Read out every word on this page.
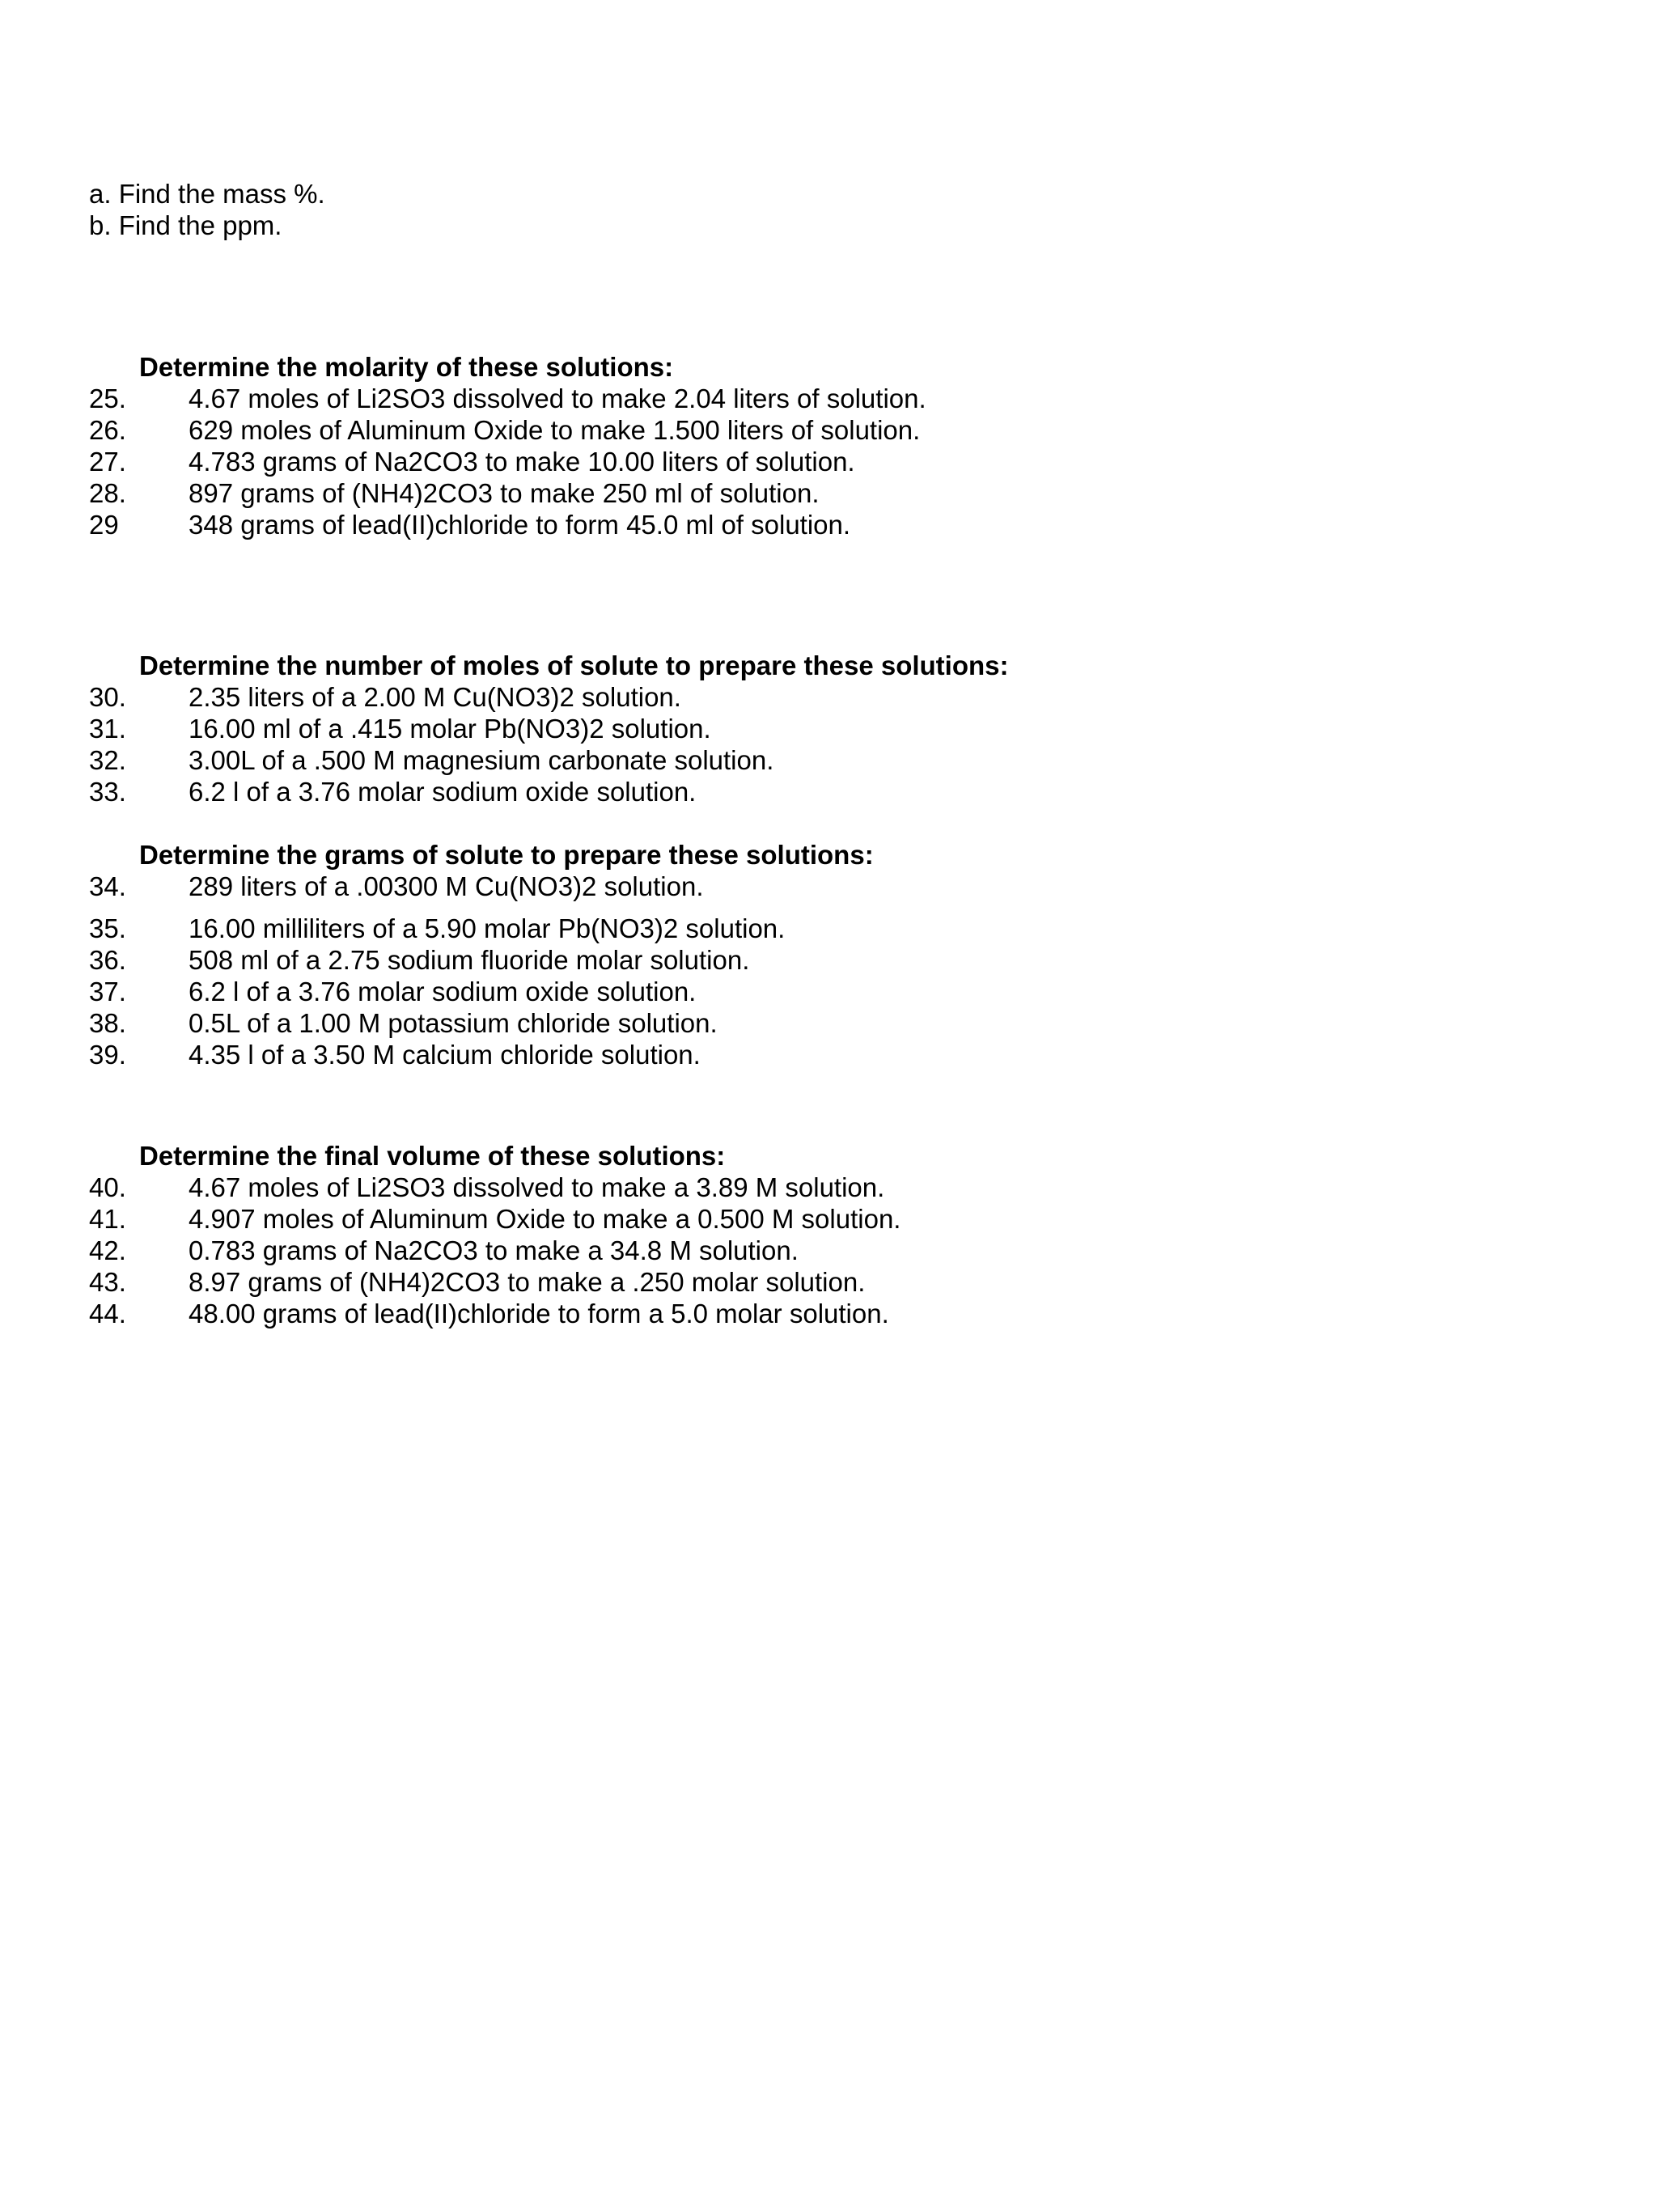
a. Find the mass %.
b. Find the ppm.
Determine the molarity of these solutions:
25. 4.67 moles of Li2SO3 dissolved to make 2.04 liters of solution.
26. 629 moles of Aluminum Oxide to make 1.500 liters of solution.
27. 4.783 grams of Na2CO3 to make 10.00 liters of solution.
28. 897 grams of (NH4)2CO3 to make 250 ml of solution.
29	348 grams of lead(II)chloride to form 45.0 ml of solution.
Determine the number of moles of solute to prepare these solutions:
30. 2.35 liters of a 2.00 M Cu(NO3)2 solution.
31. 16.00 ml of a .415 molar Pb(NO3)2 solution.
32. 3.00L of a .500 M magnesium carbonate solution.
33. 6.2 l of a 3.76 molar sodium oxide solution.
Determine the grams of solute to prepare these solutions:
34. 289 liters of a .00300 M Cu(NO3)2 solution.
35. 16.00 milliliters of a 5.90 molar Pb(NO3)2 solution.
36. 508 ml of a 2.75 sodium fluoride molar solution.
37. 6.2 l of a 3.76 molar sodium oxide solution.
38. 0.5L of a 1.00 M potassium chloride solution.
39. 4.35 l of a 3.50 M calcium chloride solution.
Determine the final volume of these solutions:
40. 4.67 moles of Li2SO3 dissolved to make a 3.89 M solution.
41. 4.907 moles of Aluminum Oxide to make a 0.500 M solution.
42. 0.783 grams of Na2CO3 to make a 34.8 M solution.
43. 8.97 grams of (NH4)2CO3 to make a .250 molar solution.
44. 48.00 grams of lead(II)chloride to form a 5.0 molar solution.
